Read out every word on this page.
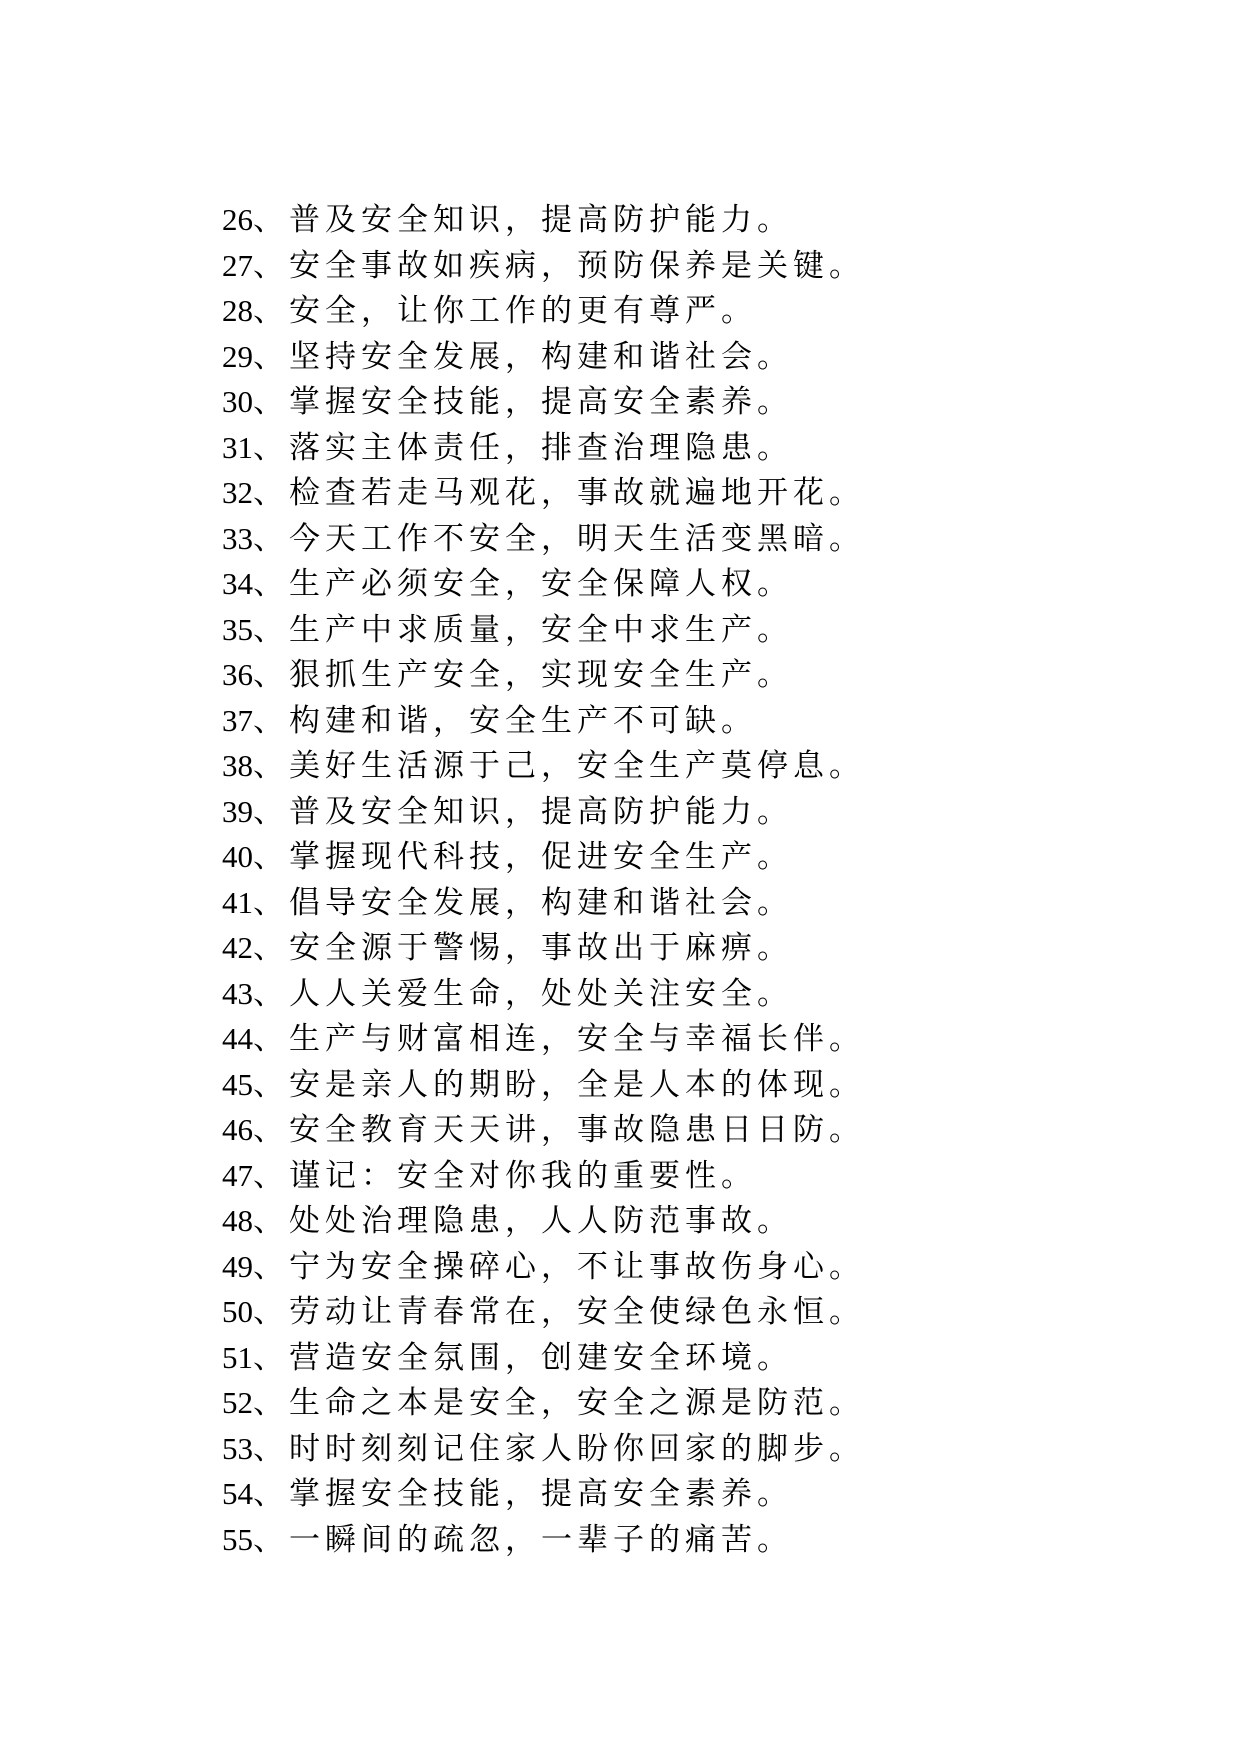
26、普及安全知识，提高防护能力。
27、安全事故如疾病，预防保养是关键。
28、安全，让你工作的更有尊严。
29、坚持安全发展，构建和谐社会。
30、掌握安全技能，提高安全素养。
31、落实主体责任，排查治理隐患。
32、检查若走马观花，事故就遍地开花。
33、今天工作不安全，明天生活变黑暗。
34、生产必须安全，安全保障人权。
35、生产中求质量，安全中求生产。
36、狠抓生产安全，实现安全生产。
37、构建和谐，安全生产不可缺。
38、美好生活源于己，安全生产莫停息。
39、普及安全知识，提高防护能力。
40、掌握现代科技，促进安全生产。
41、倡导安全发展，构建和谐社会。
42、安全源于警惕，事故出于麻痹。
43、人人关爱生命，处处关注安全。
44、生产与财富相连，安全与幸福长伴。
45、安是亲人的期盼，全是人本的体现。
46、安全教育天天讲，事故隐患日日防。
47、谨记：安全对你我的重要性。
48、处处治理隐患，人人防范事故。
49、宁为安全操碎心，不让事故伤身心。
50、劳动让青春常在，安全使绿色永恒。
51、营造安全氛围，创建安全环境。
52、生命之本是安全，安全之源是防范。
53、时时刻刻记住家人盼你回家的脚步。
54、掌握安全技能，提高安全素养。
55、一瞬间的疏忽，一辈子的痛苦。
